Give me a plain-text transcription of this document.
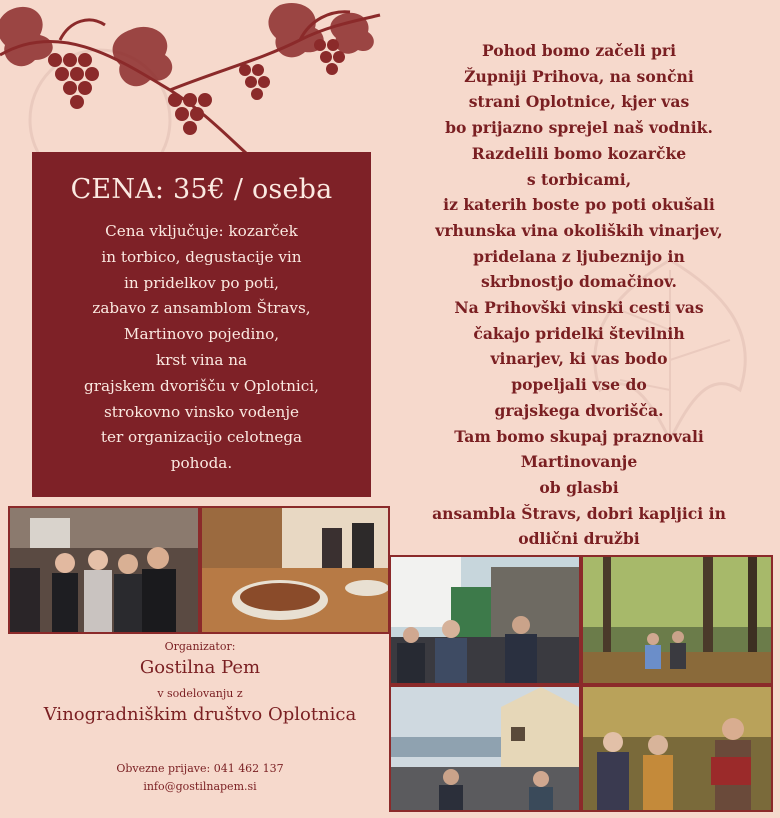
CENA: 35€ / oseba
Cena vključuje: kozarček
in torbico, degustacije vin
in pridelkov po poti,
zabavo z ansamblom Štravs,
Martinovo pojedino,
krst vina na
grajskem dvorišču v Oplotnici,
strokovno vinsko vodenje
ter organizacijo celotnega
pohoda.
Pohod bomo začeli pri
Župniji Prihova, na sončni
strani Oplotnice, kjer vas
bo prijazno sprejel naš vodnik.
Razdelili bomo kozarčke
s torbicami,
iz katerih boste po poti okušali
vrhunska vina okoliških vinarjev,
pridelana z ljubeznijo in
skrbnostjo domačinov.
Na Prihovški vinski cesti vas
čakajo pridelki številnih
vinarjev, ki vas bodo
popeljali vse do
grajskega dvorišča.
Tam bomo skupaj praznovali
Martinovanje
ob glasbi
ansambla Štravs, dobri kapljici in
odlični družbi
Organizator:
Gostilna Pem
v sodelovanju z
Vinogradniškim društvo Oplotnica
Obvezne prijave: 041 462 137
info@gostilnapem.si
